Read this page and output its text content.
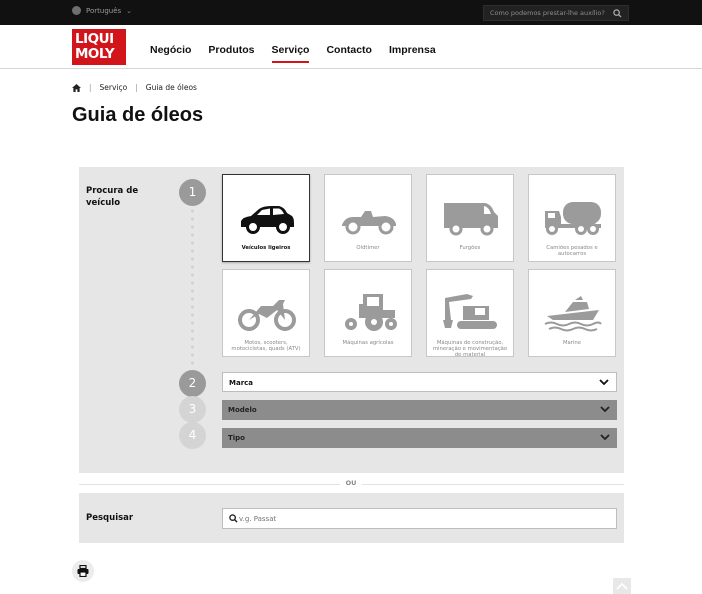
Português ⌄	Como podemos prestar-lhe auxílio?
LIQUI
MOLY	Negócio Produtos Serviço Contacto Imprensa
| Serviço | Guia de óleos
Guia de óleos
Procura de veículo
1
2
3
4
Veículos ligeiros	Oldtimer	Furgões	Camiões pesados e autocarros
Motos, scooters, motocicletas, quads (ATV)
Máquinas agrícolas	Máquinas de construção, mineração e movimentação de material
Marine
Marca
Modelo
Tipo
OU
Pesquisar
v.g. Passat
